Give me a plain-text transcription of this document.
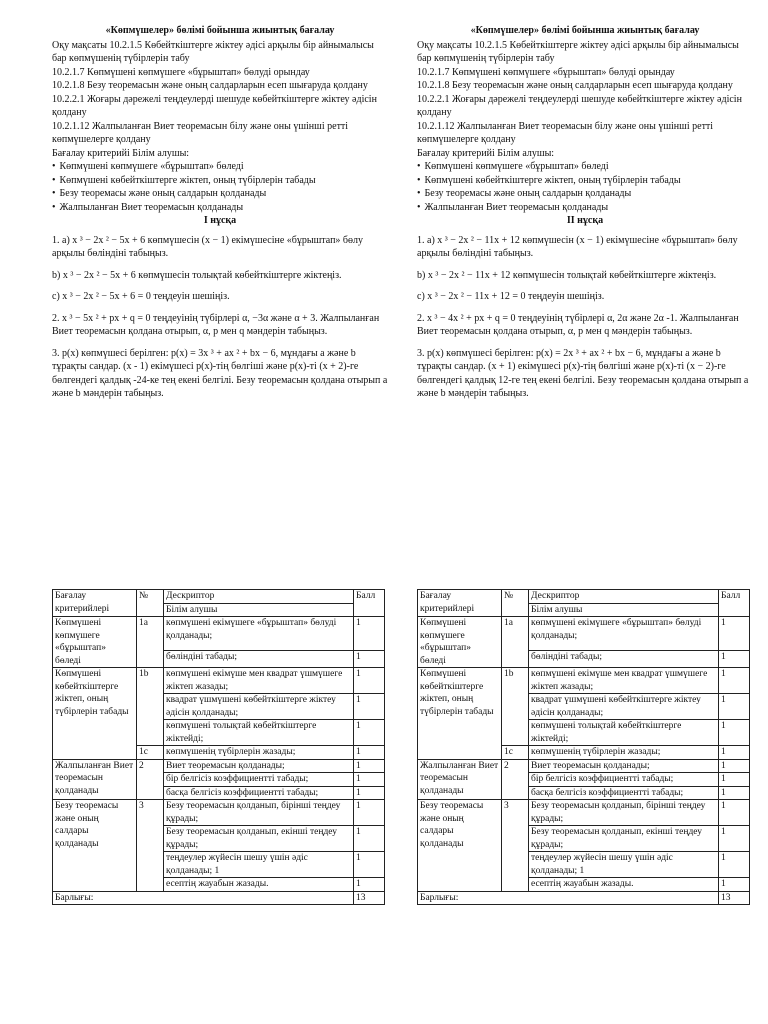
«Көпмүшелер» бөлімі бойынша жиынтық бағалау

Оқу мақсаты 10.2.1.5 Көбейткіштерге жіктеу әдісі арқылы бір айнымалысы бар көпмүшенің түбірлерін табу

10.2.1.7 Көпмүшені көпмүшеге «бұрыштап» бөлуді орындау

10.2.1.8 Безу теоремасын және оның салдарларын есеп шығаруда қолдану

10.2.2.1 Жоғары дәрежелі теңдеулерді шешуде көбейткіштерге жіктеу әдісін қолдану

10.2.1.12 Жалпыланған Виет теоремасын білу және оны үшінші ретті көпмүшелерге қолдану

Бағалау критерийі Білім алушы:

• Көпмүшені көпмүшеге «бұрыштап» бөледі

• Көпмүшені көбейткіштерге жіктеп, оның түбірлерін табады

• Безу теоремасы және оның салдарын қолданады

• Жалпыланған Виет теоремасын қолданады

І нұсқа

1. a) x ³ − 2x ² − 5x + 6 көпмүшесін (x − 1) екімүшесіне «бұрыштап» бөлу арқылы бөліндіні табыңыз.

b) x ³ − 2x ² − 5x + 6 көпмүшесін толықтай көбейткіштерге жіктеңіз.

c) x ³ − 2x ² − 5x + 6 = 0 теңдеуін шешіңіз.

2. x ³ − 5x ² + px + q = 0 теңдеуінің түбірлері α, −3α және α + 3. Жалпыланған Виет теоремасын қолдана отырып, α, p мен q мәндерін табыңыз.

3. p(x) көпмүшесі берілген: p(x) = 3x ³ + ax ² + bx − 6, мұндағы a және b тұрақты сандар. (x - 1) екімүшесі p(x)-тің бөлгіші және p(x)-ті (x + 2)-ге бөлгендегі қалдық -24-ке тең екені белгілі. Безу теоремасын қолдана отырып a және b мәндерін табыңыз.

«Көпмүшелер» бөлімі бойынша жиынтық бағалау

Оқу мақсаты 10.2.1.5 Көбейткіштерге жіктеу әдісі арқылы бір айнымалысы бар көпмүшенің түбірлерін табу

10.2.1.7 Көпмүшені көпмүшеге «бұрыштап» бөлуді орындау

10.2.1.8 Безу теоремасын және оның салдарларын есеп шығаруда қолдану

10.2.2.1 Жоғары дәрежелі теңдеулерді шешуде көбейткіштерге жіктеу әдісін қолдану

10.2.1.12 Жалпыланған Виет теоремасын білу және оны үшінші ретті көпмүшелерге қолдану

Бағалау критерийі Білім алушы:

• Көпмүшені көпмүшеге «бұрыштап» бөледі

• Көпмүшені көбейткіштерге жіктеп, оның түбірлерін табады

• Безу теоремасы және оның салдарын қолданады

• Жалпыланған Виет теоремасын қолданады

ІІ нұсқа

1. a) x ³ − 2x ² − 11x + 12 көпмүшесін (x − 1) екімүшесіне «бұрыштап» бөлу арқылы бөліндіні табыңыз.

b) x ³ − 2x ² − 11x + 12 көпмүшесін толықтай көбейткіштерге жіктеңіз.

c) x ³ − 2x ² − 11x + 12 = 0 теңдеуін шешіңіз.

2. x ³ − 4x ² + px + q = 0 теңдеуінің түбірлері α, 2α және 2α -1. Жалпыланған Виет теоремасын қолдана отырып, α, p мен q мәндерін табыңыз.

3. p(x) көпмүшесі берілген: p(x) = 2x ³ + ax ² + bx − 6, мұндағы a және b тұрақты сандар. (x + 1) екімүшесі p(x)-тің бөлгіші және p(x)-ті (x − 2)-ге бөлгендегі қалдық 12-ге тең екені белгілі. Безу теоремасын қолдана отырып a және b мәндерін табыңыз.

Бағалау критерийлері	№	Дескриптор	Балл
		Білім алушы	
Көпмүшені көпмүшеге «бұрыштап» бөледі	1a	көпмүшені екімүшеге «бұрыштап» бөлуді қолданады;	1
		бөліндіні табады;	1
Көпмүшені көбейткіштерге жіктеп, оның түбірлерін табады	1b	көпмүшені екімүше мен квадрат үшмүшеге жіктеп жазады;	1
		квадрат үшмүшені көбейткіштерге жіктеу әдісін қолданады;	1
		көпмүшені толықтай көбейткіштерге жіктейді;	1
	1c	көпмүшенің түбірлерін жазады;	1
Жалпыланған Виет теоремасын қолданады	2	Виет теоремасын қолданады;	1
		бір белгісіз коэффициентті табады;	1
		басқа белгісіз коэффициентті табады;	1
Безу теоремасы және оның салдары қолданады	3	Безу теоремасын қолданып, біріншi теңдеу құрады;	1
		Безу теоремасын қолданып, екінші теңдеу құрады;	1
		теңдеулер жүйесін шешу үшін әдіс қолданады; 1	1
		есептің жауабын жазады.	1
Барлығы:			13
Бағалау критерийлері	№	Дескриптор	Балл
		Білім алушы	
Көпмүшені көпмүшеге «бұрыштап» бөледі	1a	көпмүшені екімүшеге «бұрыштап» бөлуді қолданады;	1
		бөліндіні табады;	1
Көпмүшені көбейткіштерге жіктеп, оның түбірлерін табады	1b	көпмүшені екімүше мен квадрат үшмүшеге жіктеп жазады;	1
		квадрат үшмүшені көбейткіштерге жіктеу әдісін қолданады;	1
		көпмүшені толықтай көбейткіштерге жіктейді;	1
	1c	көпмүшенің түбірлерін жазады;	1
Жалпыланған Виет теоремасын қолданады	2	Виет теоремасын қолданады;	1
		бір белгісіз коэффициентті табады;	1
		басқа белгісіз коэффициентті табады;	1
Безу теоремасы және оның салдары қолданады	3	Безу теоремасын қолданып, біріншi теңдеу құрады;	1
		Безу теоремасын қолданып, екінші теңдеу құрады;	1
		теңдеулер жүйесін шешу үшін әдіс қолданады; 1	1
		есептің жауабын жазады.	1
Барлығы:			13
